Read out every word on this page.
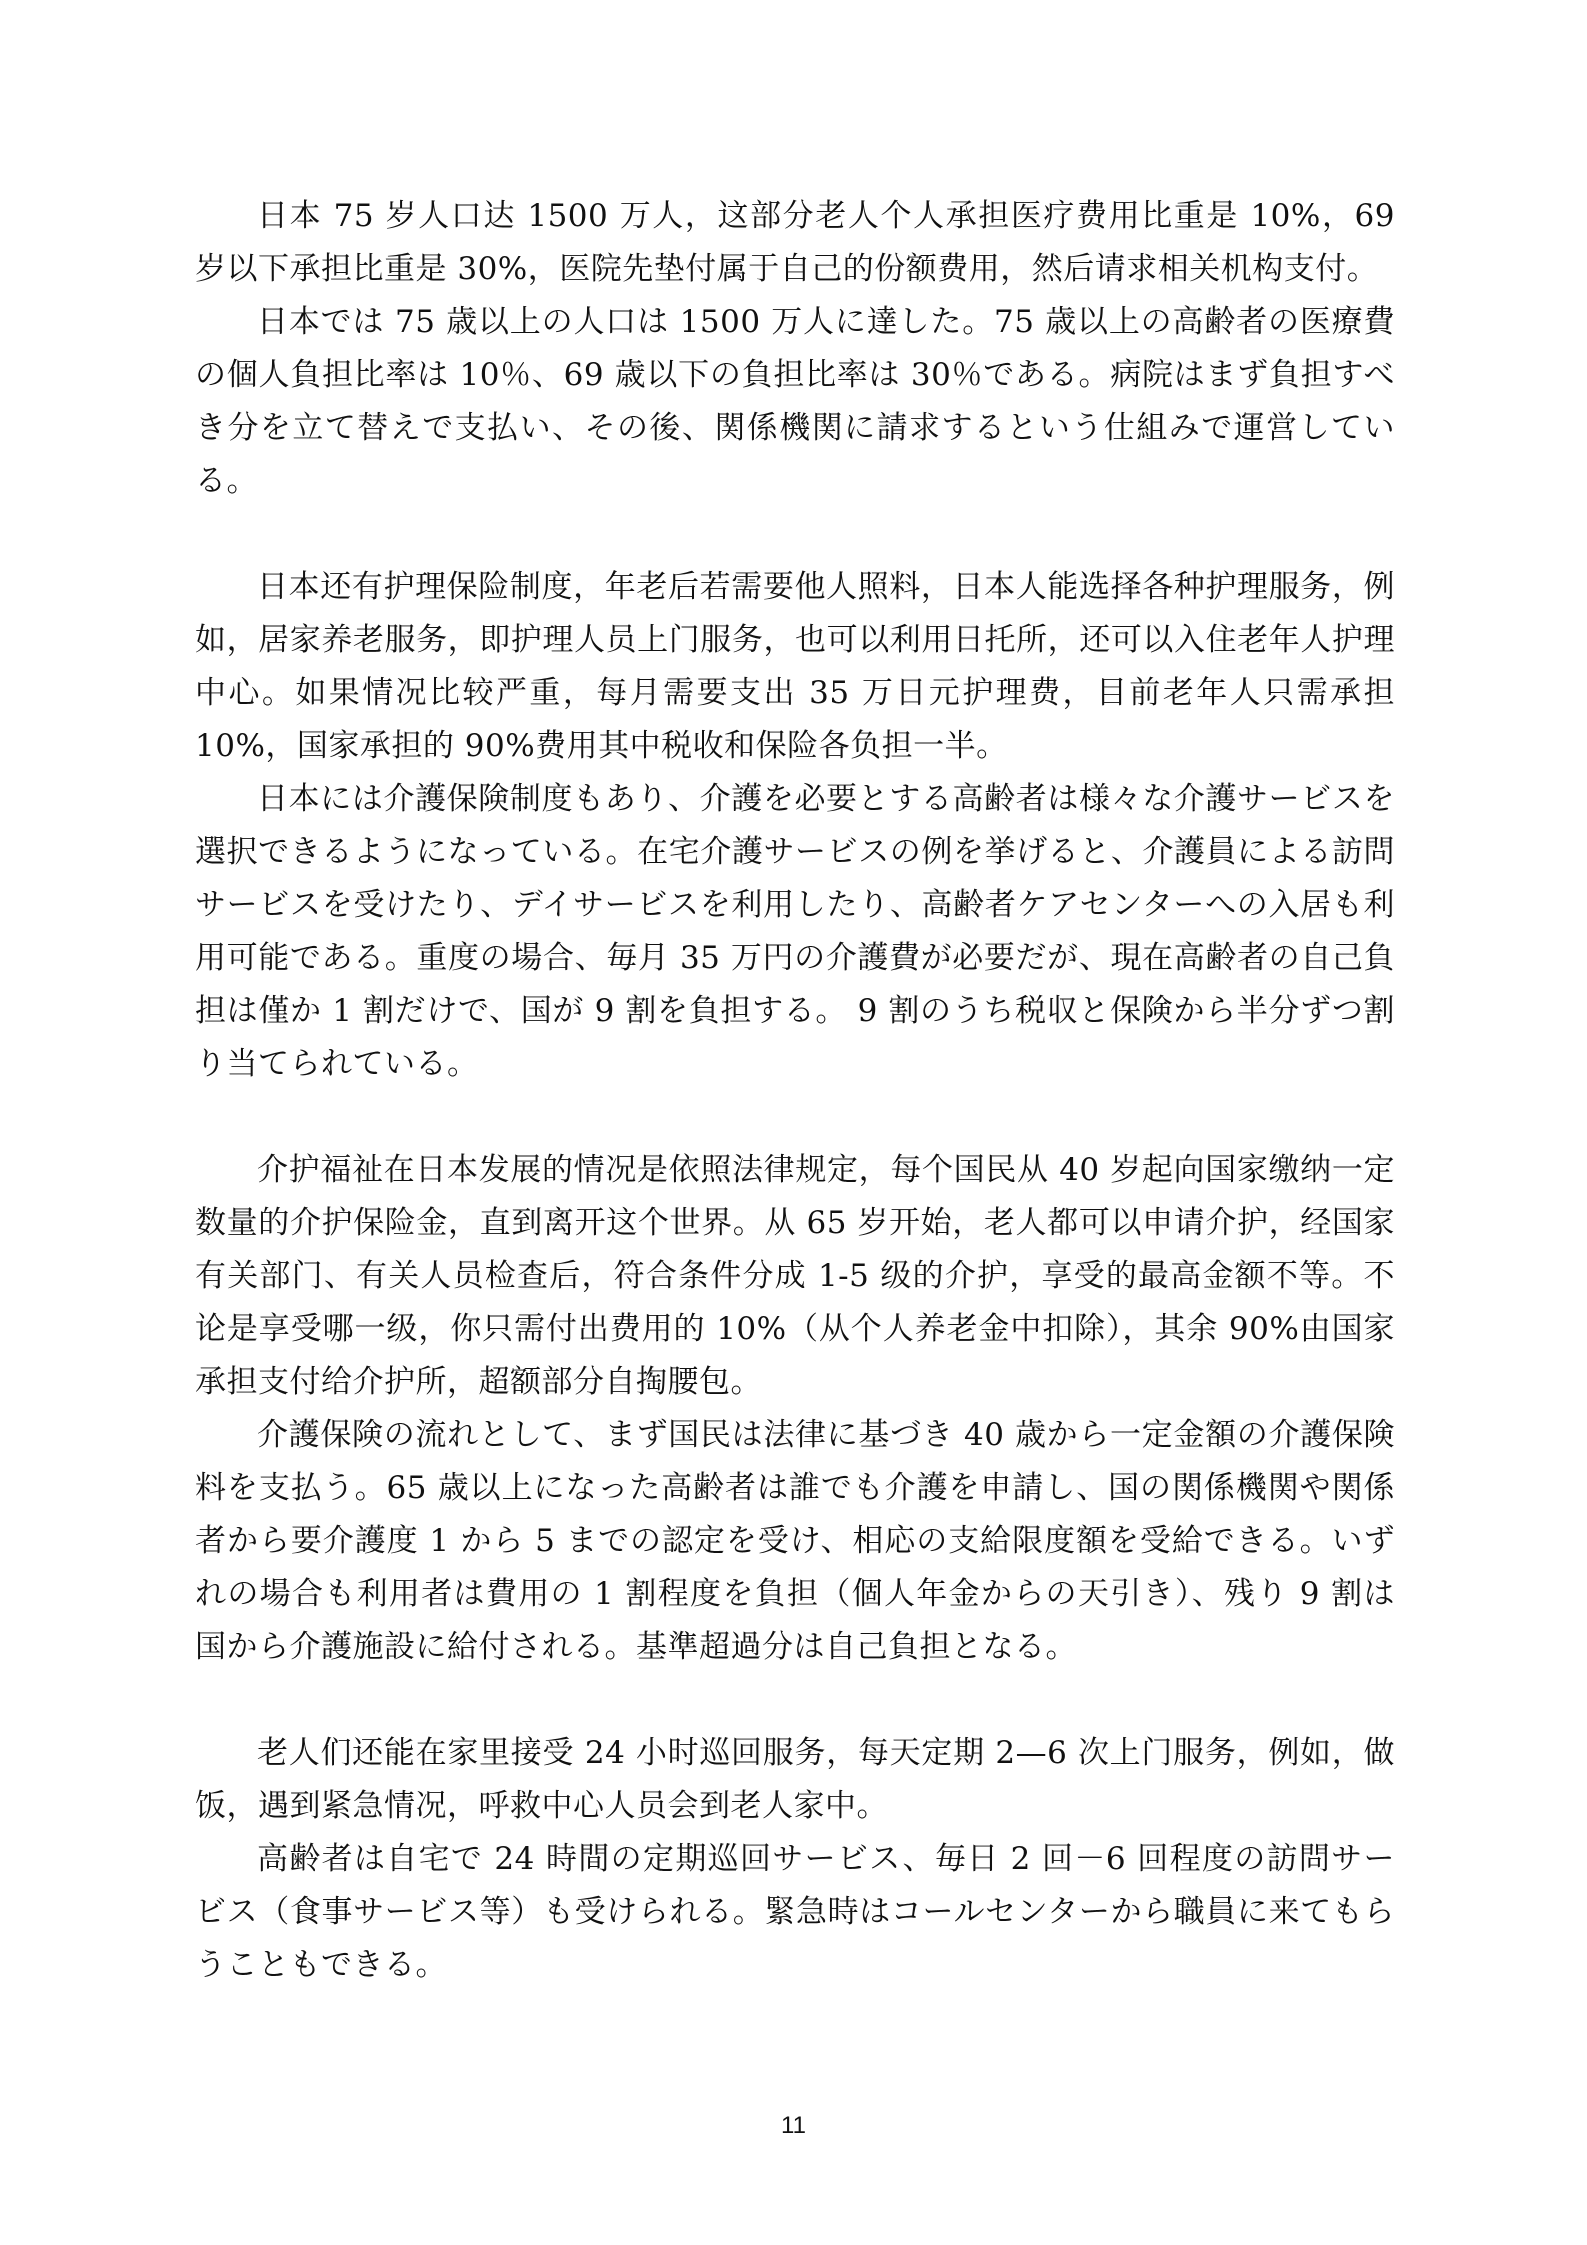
日本 75 岁人口达 1500 万人，这部分老人个人承担医疗费用比重是 10%，69 岁以下承担比重是 30%，医院先垫付属于自己的份额费用，然后请求相关机构支付。

日本では 75 歳以上の人口は 1500 万人に達した。75 歳以上の高齢者の医療費の個人負担比率は 10％、69 歳以下の負担比率は 30％である。病院はまず負担すべき分を立て替えで支払い、その後、関係機関に請求するという仕組みで運営している。

日本还有护理保险制度，年老后若需要他人照料，日本人能选择各种护理服务，例如，居家养老服务，即护理人员上门服务，也可以利用日托所，还可以入住老年人护理中心。如果情况比较严重，每月需要支出 35 万日元护理费，目前老年人只需承担 10%，国家承担的 90%费用其中税收和保险各负担一半。

日本には介護保険制度もあり、介護を必要とする高齢者は様々な介護サービスを選択できるようになっている。在宅介護サービスの例を挙げると、介護員による訪問サービスを受けたり、デイサービスを利用したり、高齢者ケアセンターへの入居も利用可能である。重度の場合、毎月 35 万円の介護費が必要だが、現在高齢者の自己負担は僅か 1 割だけで、国が 9 割を負担する。 9 割のうち税収と保険から半分ずつ割り当てられている。

介护福祉在日本发展的情况是依照法律规定，每个国民从 40 岁起向国家缴纳一定数量的介护保险金，直到离开这个世界。从 65 岁开始，老人都可以申请介护，经国家有关部门、有关人员检查后，符合条件分成 1-5 级的介护，享受的最高金额不等。不论是享受哪一级，你只需付出费用的 10%（从个人养老金中扣除），其余 90%由国家承担支付给介护所，超额部分自掏腰包。

介護保険の流れとして、まず国民は法律に基づき 40 歳から一定金額の介護保険料を支払う。65 歳以上になった高齢者は誰でも介護を申請し、国の関係機関や関係者から要介護度 1 から 5 までの認定を受け、相応の支給限度額を受給できる。いずれの場合も利用者は費用の 1 割程度を負担（個人年金からの天引き）、残り 9 割は国から介護施設に給付される。基準超過分は自己負担となる。

老人们还能在家里接受 24 小时巡回服务，每天定期 2—6 次上门服务，例如，做饭，遇到紧急情况，呼救中心人员会到老人家中。

高齢者は自宅で 24 時間の定期巡回サービス、毎日 2 回－6 回程度の訪問サービス（食事サービス等）も受けられる。緊急時はコールセンターから職員に来てもらうこともできる。

11
